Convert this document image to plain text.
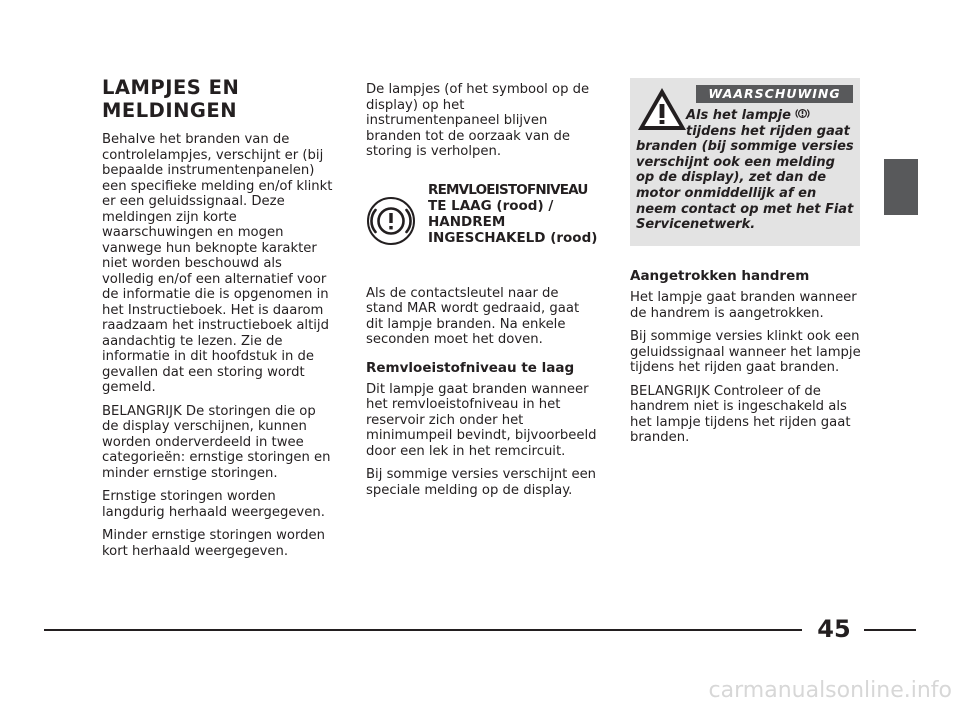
LAMPJES EN
MELDINGEN

Behalve het branden van de controlelampjes, verschijnt er (bij bepaalde instrumentenpanelen) een specifieke melding en/of klinkt er een geluidssignaal. Deze meldingen zijn korte waarschuwingen en mogen vanwege hun beknopte karakter niet worden beschouwd als volledig en/of een alternatief voor de informatie die is opgenomen in het Instructieboek. Het is daarom raadzaam het instructieboek altijd aandachtig te lezen. Zie de informatie in dit hoofdstuk in de gevallen dat een storing wordt gemeld.

BELANGRIJK De storingen die op de display verschijnen, kunnen worden onderverdeeld in twee categorieën: ernstige storingen en minder ernstige storingen.

Ernstige storingen worden langdurig herhaald weergegeven.

Minder ernstige storingen worden kort herhaald weergegeven.

De lampjes (of het symbool op de display) op het instrumentenpaneel blijven branden tot de oorzaak van de storing is verholpen.

REMVLOEISTOFNIVEAU
TE LAAG (rood) / HANDREM INGESCHAKELD (rood)

Als de contactsleutel naar de stand MAR wordt gedraaid, gaat dit lampje branden. Na enkele seconden moet het doven.

Remvloeistofniveau te laag

Dit lampje gaat branden wanneer het remvloeistofniveau in het reservoir zich onder het minimumpeil bevindt, bijvoorbeeld door een lek in het remcircuit.

Bij sommige versies verschijnt een speciale melding op de display.

WAARSCHUWING
Als het lampje
tijdens het rijden gaat
branden (bij sommige versies verschijnt ook een melding op de display), zet dan de motor onmiddellijk af en neem contact op met het Fiat Servicenetwerk.
Aangetrokken handrem

Het lampje gaat branden wanneer de handrem is aangetrokken.

Bij sommige versies klinkt ook een geluidssignaal wanneer het lampje tijdens het rijden gaat branden.

BELANGRIJK Controleer of de handrem niet is ingeschakeld als het lampje tijdens het rijden gaat branden.

45
carmanualsonline.info
